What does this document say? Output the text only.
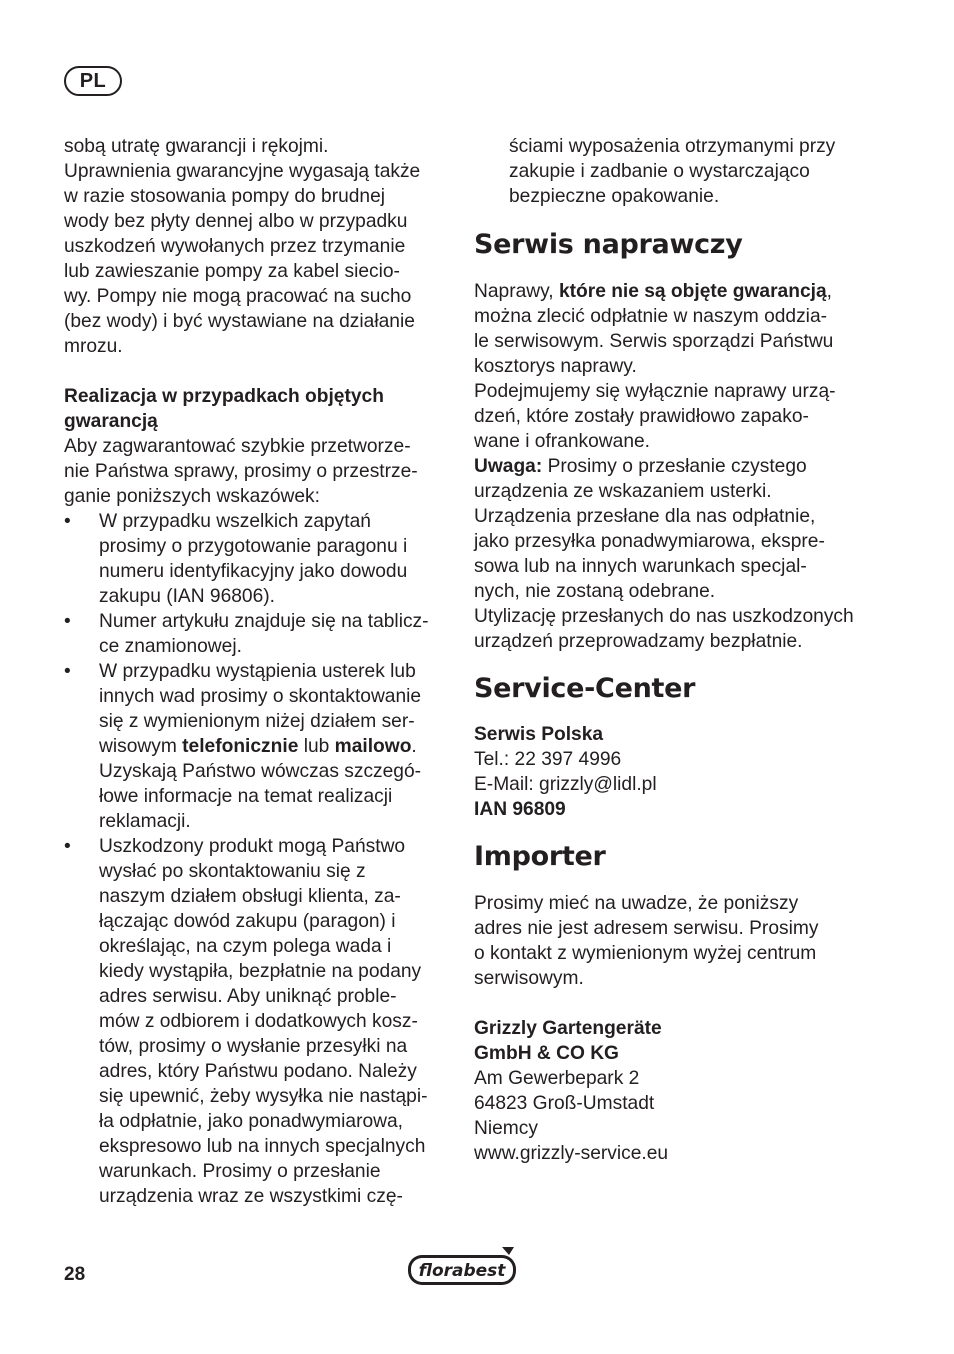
PL
sobą utratę gwarancji i rękojmi.
Uprawnienia gwarancyjne wygasają także
w razie stosowania pompy do brudnej
wody bez płyty dennej albo w przypadku
uszkodzeń wywołanych przez trzymanie
lub zawieszanie pompy za kabel sieciо-
wy. Pompy nie mogą pracować na sucho
(bez wody) i być wystawiane na działanie
mrozu.
Realizacja w przypadkach objętych
gwarancją
Aby zagwarantować szybkie przetworze-
nie Państwa sprawy, prosimy o przestrze-
ganie poniższych wskazówek:
• W przypadku wszelkich zapytań
prosimy o przygotowanie paragonu i
numeru identyfikacyjny jako dowodu
zakupu (IAN 96806).
• Numer artykułu znajduje się na tablicz-
ce znamionowej.
• W przypadku wystąpienia usterek lub
innych wad prosimy o skontaktowanie
się z wymienionym niżej działem ser-
wisowym telefonicznie lub mailowo.
Uzyskają Państwo wówczas szczegó-
łowe informacje na temat realizacji
reklamacji.
• Uszkodzony produkt mogą Państwo
wysłać po skontaktowaniu się z
naszym działem obsługi klienta, za-
łączając dowód zakupu (paragon) i
określając, na czym polega wada i
kiedy wystąpiła, bezpłatnie na podany
adres serwisu. Aby uniknąć proble-
mów z odbiorem i dodatkowych kosz-
tów, prosimy o wysłanie przesyłki na
adres, który Państwu podano. Należy
się upewnić, żeby wysyłka nie nastąpi-
ła odpłatnie, jako ponadwymiarowa,
ekspresowo lub na innych specjalnych
warunkach. Prosimy o przesłanie
urządzenia wraz ze wszystkimi czę-
ściami wyposażenia otrzymanymi przy
zakupie i zadbanie o wystarczająco
bezpieczne opakowanie.
Serwis naprawczy
Naprawy, które nie są objęte gwarancją,
można zlecić odpłatnie w naszym oddzia-
le serwisowym. Serwis sporządzi Państwu
kosztorys naprawy.
Podejmujemy się wyłącznie naprawy urzą-
dzeń, które zostały prawidłowo zapako-
wane i ofrankowane.
Uwaga: Prosimy o przesłanie czystego
urządzenia ze wskazaniem usterki.
Urządzenia przesłane dla nas odpłatnie,
jako przesyłka ponadwymiarowa, ekspre-
sowa lub na innych warunkach specjal-
nych, nie zostaną odebrane.
Utylizację przesłanych do nas uszkodzonych
urządzeń przeprowadzamy bezpłatnie.
Service-Center
Serwis Polska
Tel.: 22 397 4996
E-Mail: grizzly@lidl.pl
IAN 96809
Importer
Prosimy mieć na uwadze, że poniższy
adres nie jest adresem serwisu. Prosimy
o kontakt z wymienionym wyżej centrum
serwisowym.
Grizzly Gartengeräte
GmbH & CO KG
Am Gewerbepark 2
64823 Groß-Umstadt
Niemcy
www.grizzly-service.eu
28	florabest
